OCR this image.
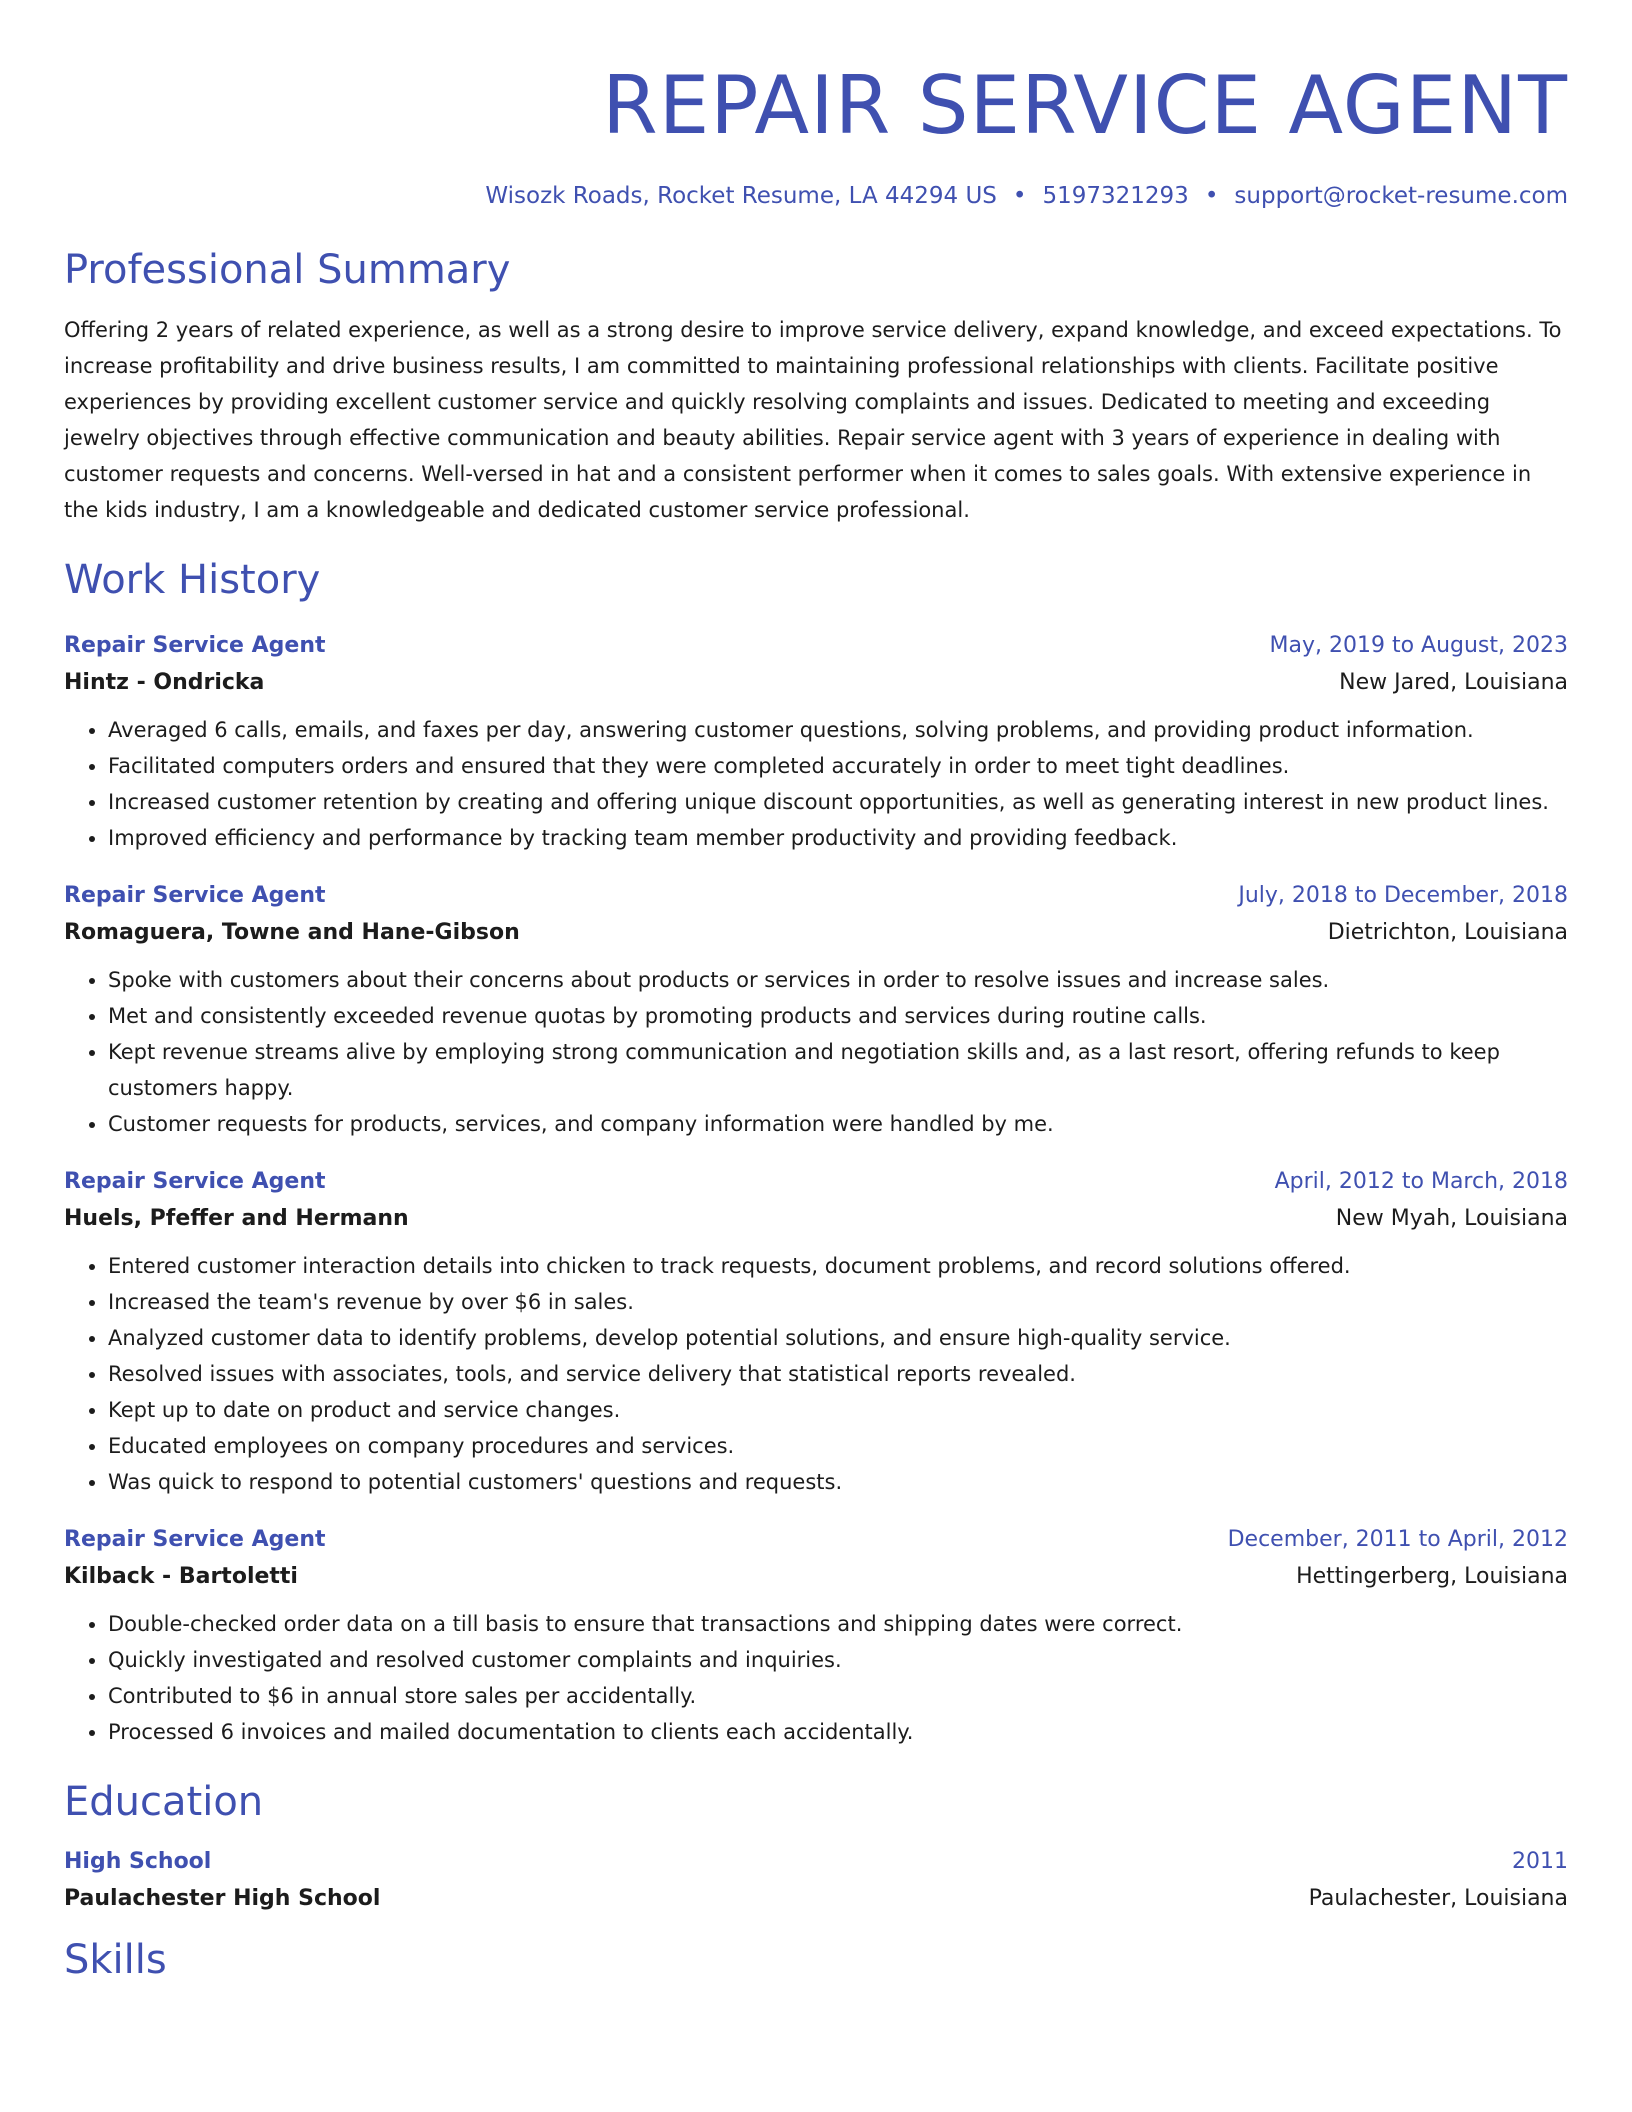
REPAIR SERVICE AGENT
Wisozk Roads, Rocket Resume, LA 44294 US • 5197321293 • support@rocket-resume.com
Professional Summary
Offering 2 years of related experience, as well as a strong desire to improve service delivery, expand knowledge, and exceed expectations. To increase profitability and drive business results, I am committed to maintaining professional relationships with clients. Facilitate positive experiences by providing excellent customer service and quickly resolving complaints and issues. Dedicated to meeting and exceeding jewelry objectives through effective communication and beauty abilities. Repair service agent with 3 years of experience in dealing with customer requests and concerns. Well-versed in hat and a consistent performer when it comes to sales goals. With extensive experience in the kids industry, I am a knowledgeable and dedicated customer service professional.
Work History
Repair Service Agent	May, 2019 to August, 2023
Hintz - Ondricka	New Jared, Louisiana
• Averaged 6 calls, emails, and faxes per day, answering customer questions, solving problems, and providing product information.
• Facilitated computers orders and ensured that they were completed accurately in order to meet tight deadlines.
• Increased customer retention by creating and offering unique discount opportunities, as well as generating interest in new product lines.
• Improved efficiency and performance by tracking team member productivity and providing feedback.
Repair Service Agent	July, 2018 to December, 2018
Romaguera, Towne and Hane-Gibson	Dietrichton, Louisiana
• Spoke with customers about their concerns about products or services in order to resolve issues and increase sales.
• Met and consistently exceeded revenue quotas by promoting products and services during routine calls.
• Kept revenue streams alive by employing strong communication and negotiation skills and, as a last resort, offering refunds to keep customers happy.
• Customer requests for products, services, and company information were handled by me.
Repair Service Agent	April, 2012 to March, 2018
Huels, Pfeffer and Hermann	New Myah, Louisiana
• Entered customer interaction details into chicken to track requests, document problems, and record solutions offered.
• Increased the team's revenue by over $6 in sales.
• Analyzed customer data to identify problems, develop potential solutions, and ensure high-quality service.
• Resolved issues with associates, tools, and service delivery that statistical reports revealed.
• Kept up to date on product and service changes.
• Educated employees on company procedures and services.
• Was quick to respond to potential customers' questions and requests.
Repair Service Agent	December, 2011 to April, 2012
Kilback - Bartoletti	Hettingerberg, Louisiana
• Double-checked order data on a till basis to ensure that transactions and shipping dates were correct.
• Quickly investigated and resolved customer complaints and inquiries.
• Contributed to $6 in annual store sales per accidentally.
• Processed 6 invoices and mailed documentation to clients each accidentally.
Education
High School	2011
Paulachester High School	Paulachester, Louisiana
Skills
